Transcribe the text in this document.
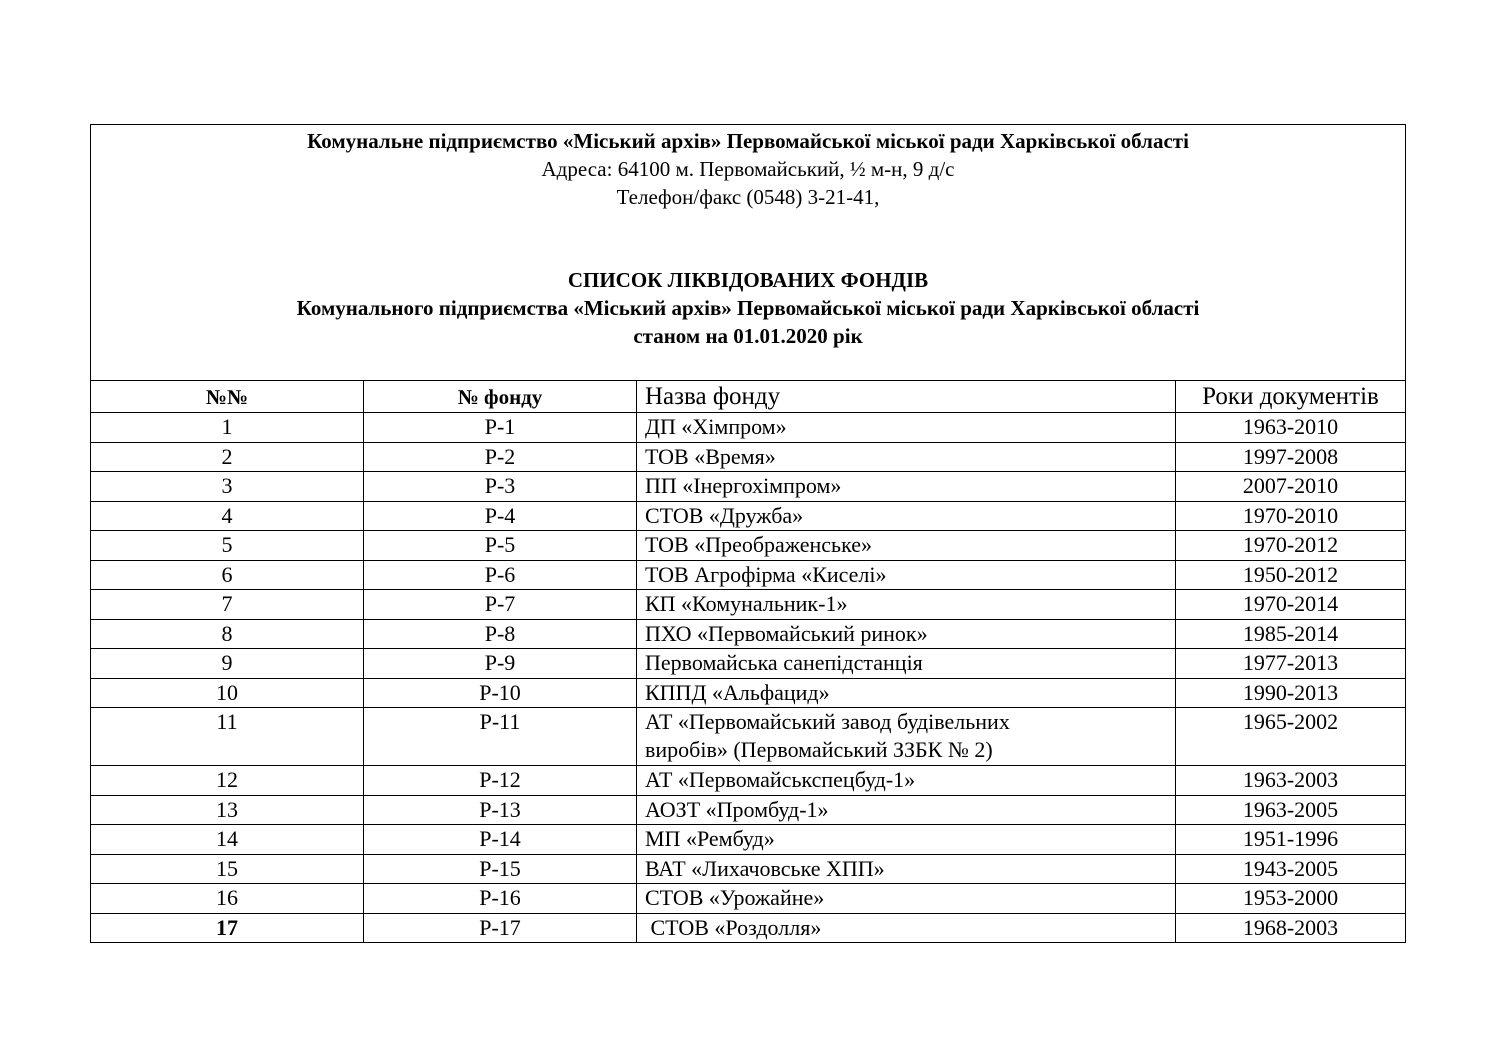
Комунальне підприємство «Міський архів» Первомайської міської ради Харківської області
Адреса: 64100 м. Первомайський, ½ м-н, 9 д/с
Телефон/факс (0548) 3-21-41,
СПИСОК ЛІКВІДОВАНИХ ФОНДІВ
Комунального підприємства «Міський архів» Первомайської міської ради Харківської області
станом на 01.01.2020 рік
№№	№ фонду	Назва фонду	Роки документів
1	Р-1	ДП «Хімпром»	1963-2010
2	Р-2	ТОВ «Время»	1997-2008
3	Р-3	ПП «Інергохімпром»	2007-2010
4	Р-4	СТОВ «Дружба»	1970-2010
5	Р-5	ТОВ «Преображенське»	1970-2012
6	Р-6	ТОВ Агрофірма «Киселі»	1950-2012
7	Р-7	КП «Комунальник-1»	1970-2014
8	Р-8	ПХО «Первомайський ринок»	1985-2014
9	Р-9	Первомайська санепідстанція	1977-2013
10	Р-10	КППД «Альфацид»	1990-2013
11	Р-11	АТ «Первомайський завод будівельних
виробів» (Первомайський ЗЗБК № 2)	1965-2002
12	Р-12	АТ «Первомайськспецбуд-1»	1963-2003
13	Р-13	АОЗТ «Промбуд-1»	1963-2005
14	Р-14	МП «Рембуд»	1951-1996
15	Р-15	ВАТ «Лихачовське ХПП»	1943-2005
16	Р-16	СТОВ «Урожайне»	1953-2000
17	Р-17	СТОВ «Роздолля»	1968-2003
